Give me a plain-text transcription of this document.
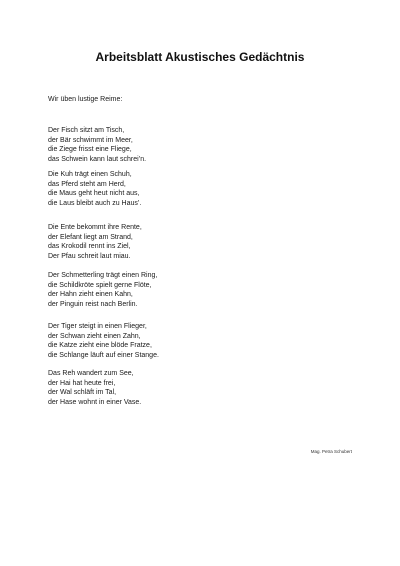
Arbeitsblatt Akustisches Gedächtnis
Wir üben lustige Reime:
Der Fisch sitzt am Tisch,
der Bär schwimmt im Meer,
die Ziege frisst eine Fliege,
das Schwein kann laut schrei’n.
Die Kuh trägt einen Schuh,
das Pferd steht am Herd,
die Maus geht heut nicht aus,
die Laus bleibt auch zu Haus’.
Die Ente bekommt ihre Rente,
der Elefant liegt am Strand,
das Krokodil rennt ins Ziel,
Der Pfau schreit laut miau.
Der Schmetterling trägt einen Ring,
die Schildkröte spielt gerne Flöte,
der Hahn zieht einen Kahn,
der Pinguin reist nach Berlin.
Der Tiger steigt in einen Flieger,
der Schwan zieht einen Zahn,
die Katze zieht eine blöde Fratze,
die Schlange läuft auf einer Stange.
Das Reh wandert zum See,
der Hai hat heute frei,
der Wal schläft im Tal,
der Hase wohnt in einer Vase.
Mag. Petra Schubert
